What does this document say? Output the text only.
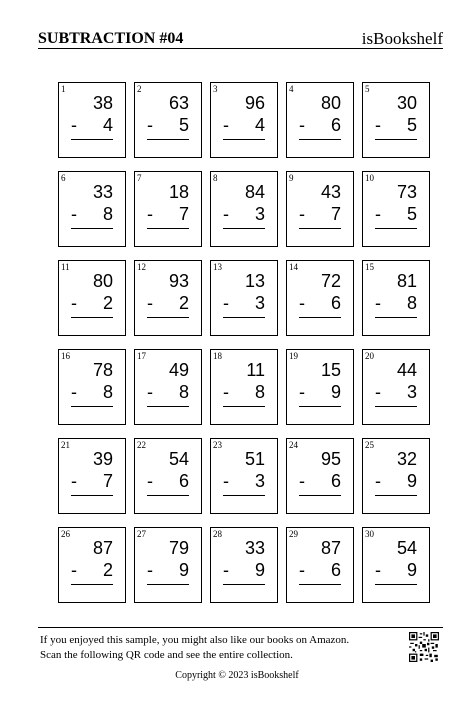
SUBTRACTION #04	isBookshelf
1
38
- 4
2
63
- 5
3
96
- 4
4
80
- 6
5
30
- 5
6
33
- 8
7
18
- 7
8
84
- 3
9
43
- 7
10
73
- 5
11
80
- 2
12
93
- 2
13
13
- 3
14
72
- 6
15
81
- 8
16
78
- 8
17
49
- 8
18
11
- 8
19
15
- 9
20
44
- 3
21
39
- 7
22
54
- 6
23
51
- 3
24
95
- 6
25
32
- 9
26
87
- 2
27
79
- 9
28
33
- 9
29
87
- 6
30
54
- 9
If you enjoyed this sample, you might also like our books on Amazon.
Scan the following QR code and see the entire collection.
Copyright © 2023 isBookshelf
